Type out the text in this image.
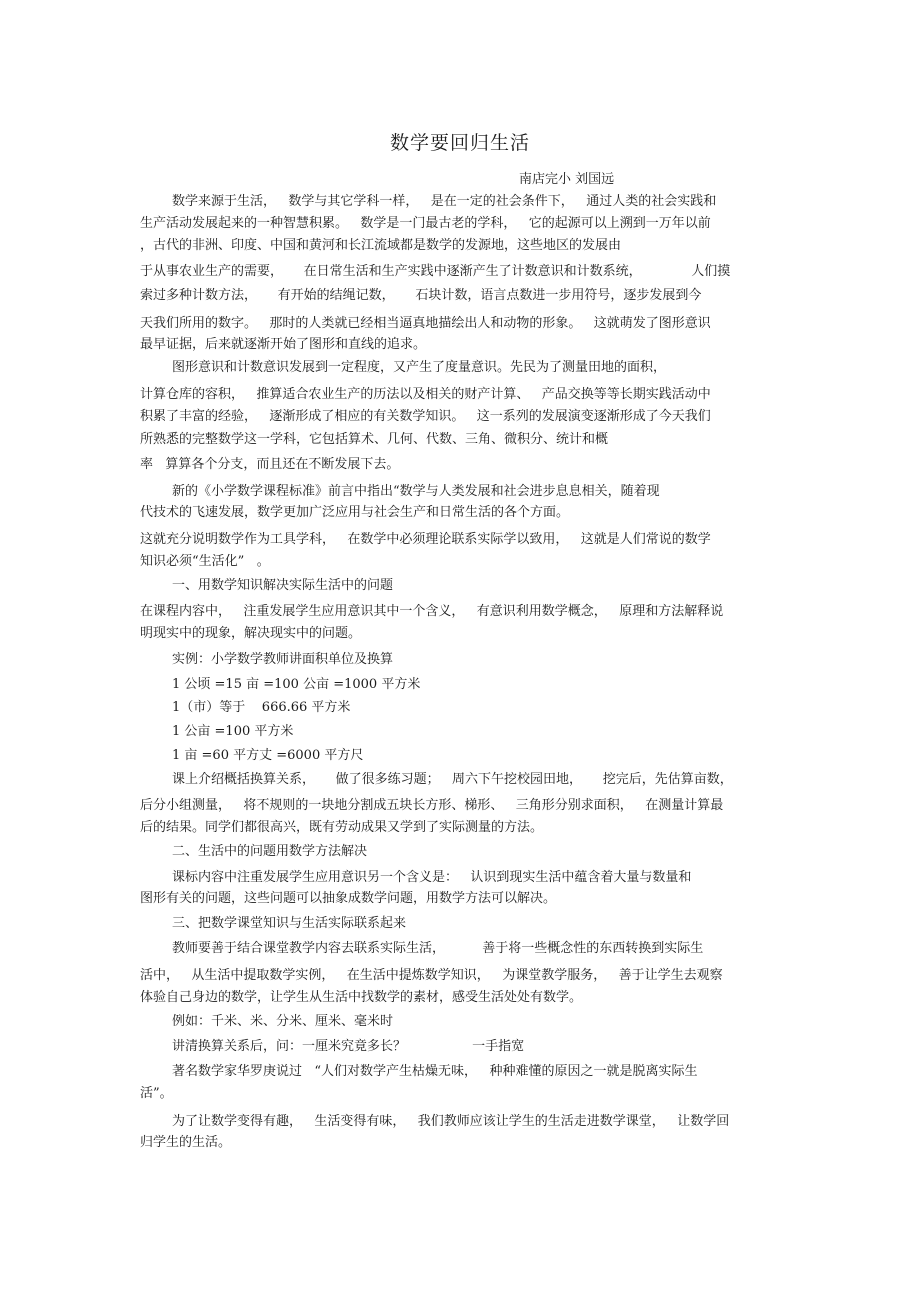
数学要回归生活
南店完小 刘国远
数学来源于生活，   数学与其它学科一样，   是在一定的社会条件下，   通过人类的社会实践和
生产活动发展起来的一种智慧积累。   数学是一门最古老的学科，   它的起源可以上溯到一万年以前
，古代的非洲、印度、中国和黄河和长江流域都是数学的发源地，这些地区的发展由
于从事农业生产的需要，     在日常生活和生产实践中逐渐产生了计数意识和计数系统，            人们摸
索过多种计数方法，     有开始的结绳记数，     石块计数，语言点数进一步用符号，逐步发展到今
天我们所用的数字。   那时的人类就已经相当逼真地描绘出人和动物的形象。   这就萌发了图形意识
最早证据，后来就逐渐开始了图形和直线的追求。
图形意识和计数意识发展到一定程度，又产生了度量意识。先民为了测量田地的面积，
计算仓库的容积，   推算适合农业生产的历法以及相关的财产计算、   产品交换等等长期实践活动中
积累了丰富的经验，   逐渐形成了相应的有关数学知识。   这一系列的发展演变逐渐形成了今天我们
所熟悉的完整数学这一学科，它包括算术、几何、代数、三角、微积分、统计和概
率   算算各个分支，而且还在不断发展下去。
新的《小学数学课程标准》前言中指出“数学与人类发展和社会进步息息相关，随着现
代技术的飞速发展，数学更加广泛应用与社会生产和日常生活的各个方面。
这就充分说明数学作为工具学科，   在数学中必须理论联系实际学以致用，   这就是人们常说的数学
知识必须“生活化”   。
一、用数学知识解决实际生活中的问题
在课程内容中，   注重发展学生应用意识其中一个含义，   有意识利用数学概念，   原理和方法解释说
明现实中的现象，解决现实中的问题。
实例：小学数学教师讲面积单位及换算
1 公顷 =15 亩 =100 公亩 =1000 平方米
1（市）等于    666.66 平方米
1 公亩 =100 平方米
1 亩 =60 平方丈 =6000 平方尺
课上介绍概括换算关系，     做了很多练习题；   周六下午挖校园田地，     挖完后，先估算亩数，
后分小组测量，   将不规则的一块地分割成五块长方形、梯形、   三角形分别求面积，   在测量计算最
后的结果。同学们都很高兴，既有劳动成果又学到了实际测量的方法。
二、生活中的问题用数学方法解决
课标内容中注重发展学生应用意识另一个含义是：   认识到现实生活中蕴含着大量与数量和
图形有关的问题，这些问题可以抽象成数学问题，用数学方法可以解决。
三、把数学课堂知识与生活实际联系起来
教师要善于结合课堂教学内容去联系实际生活，         善于将一些概念性的东西转换到实际生
活中，   从生活中提取数学实例，   在生活中提炼数学知识，   为课堂教学服务，   善于让学生去观察
体验自己身边的数学，让学生从生活中找数学的素材，感受生活处处有数学。
例如：千米、米、分米、厘米、毫米时
讲清换算关系后，问：一厘米究竟多长？                一手指宽
著名数学家华罗庚说过   “人们对数学产生枯燥无味，   种种难懂的原因之一就是脱离实际生
活”。
为了让数学变得有趣，   生活变得有味，   我们教师应该让学生的生活走进数学课堂，   让数学回
归学生的生活。
